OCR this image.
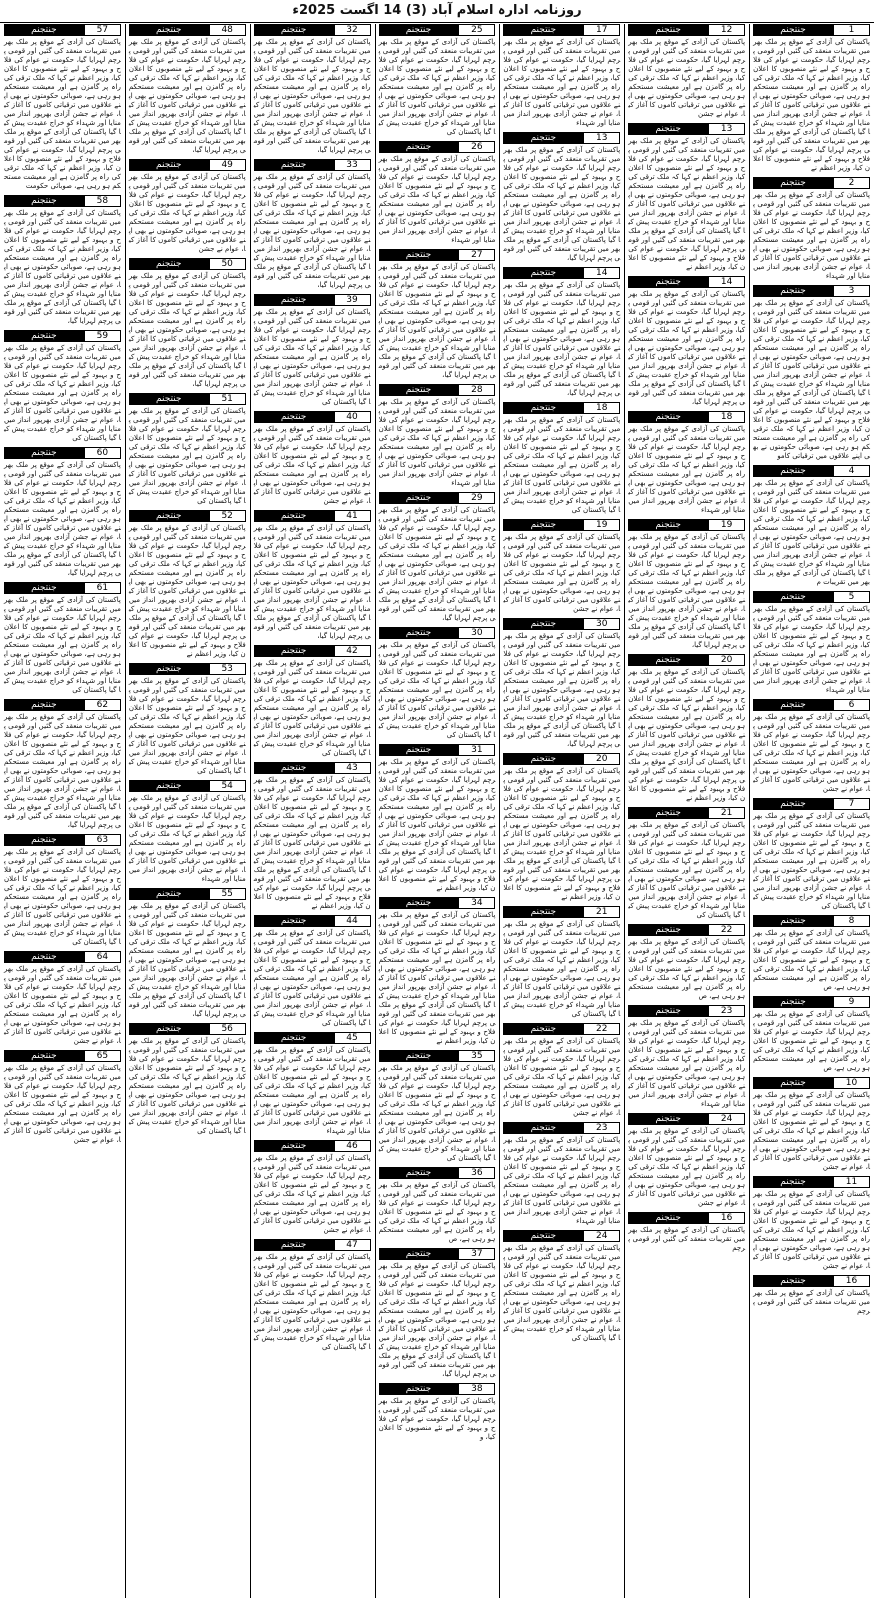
روزنامہ ادارہ اسلام آباد (3) 14 اگست 2025ء
جنتجنم	1
پاکستان کی آزادی کے موقع پر ملک بھر میں تقریبات منعقد کی گئیں اور قومی پرچم لہرایا گیا، حکومت نے عوام کی فلاح و بہبود کے لیے نئے منصوبوں کا اعلان کیا، وزیر اعظم نے کہا کہ ملک ترقی کی راہ پر گامزن ہے اور معیشت مستحکم ہو رہی ہے، صوبائی حکومتوں نے بھی اپنے علاقوں میں ترقیاتی کاموں کا آغاز کیا، عوام نے جشن آزادی بھرپور انداز میں منایا اور شہداء کو خراج عقیدت پیش کیا گیا پاکستان کی آزادی کے موقع پر ملک بھر میں تقریبات منعقد کی گئیں اور قومی پرچم لہرایا گیا، حکومت نے عوام کی فلاح و بہبود کے لیے نئے منصوبوں کا اعلان کیا، وزیر اعظم نے
جنتجنم	2
پاکستان کی آزادی کے موقع پر ملک بھر میں تقریبات منعقد کی گئیں اور قومی پرچم لہرایا گیا، حکومت نے عوام کی فلاح و بہبود کے لیے نئے منصوبوں کا اعلان کیا، وزیر اعظم نے کہا کہ ملک ترقی کی راہ پر گامزن ہے اور معیشت مستحکم ہو رہی ہے، صوبائی حکومتوں نے بھی اپنے علاقوں میں ترقیاتی کاموں کا آغاز کیا، عوام نے جشن آزادی بھرپور انداز میں منایا اور شہداء
جنتجنم	3
پاکستان کی آزادی کے موقع پر ملک بھر میں تقریبات منعقد کی گئیں اور قومی پرچم لہرایا گیا، حکومت نے عوام کی فلاح و بہبود کے لیے نئے منصوبوں کا اعلان کیا، وزیر اعظم نے کہا کہ ملک ترقی کی راہ پر گامزن ہے اور معیشت مستحکم ہو رہی ہے، صوبائی حکومتوں نے بھی اپنے علاقوں میں ترقیاتی کاموں کا آغاز کیا، عوام نے جشن آزادی بھرپور انداز میں منایا اور شہداء کو خراج عقیدت پیش کیا گیا پاکستان کی آزادی کے موقع پر ملک بھر میں تقریبات منعقد کی گئیں اور قومی پرچم لہرایا گیا، حکومت نے عوام کی فلاح و بہبود کے لیے نئے منصوبوں کا اعلان کیا، وزیر اعظم نے کہا کہ ملک ترقی کی راہ پر گامزن ہے اور معیشت مستحکم ہو رہی ہے، صوبائی حکومتوں نے بھی اپنے علاقوں میں ترقیاتی کامو
جنتجنم	4
پاکستان کی آزادی کے موقع پر ملک بھر میں تقریبات منعقد کی گئیں اور قومی پرچم لہرایا گیا، حکومت نے عوام کی فلاح و بہبود کے لیے نئے منصوبوں کا اعلان کیا، وزیر اعظم نے کہا کہ ملک ترقی کی راہ پر گامزن ہے اور معیشت مستحکم ہو رہی ہے، صوبائی حکومتوں نے بھی اپنے علاقوں میں ترقیاتی کاموں کا آغاز کیا، عوام نے جشن آزادی بھرپور انداز میں منایا اور شہداء کو خراج عقیدت پیش کیا گیا پاکستان کی آزادی کے موقع پر ملک بھر میں تقریبات م
جنتجنم	5
پاکستان کی آزادی کے موقع پر ملک بھر میں تقریبات منعقد کی گئیں اور قومی پرچم لہرایا گیا، حکومت نے عوام کی فلاح و بہبود کے لیے نئے منصوبوں کا اعلان کیا، وزیر اعظم نے کہا کہ ملک ترقی کی راہ پر گامزن ہے اور معیشت مستحکم ہو رہی ہے، صوبائی حکومتوں نے بھی اپنے علاقوں میں ترقیاتی کاموں کا آغاز کیا، عوام نے جشن آزادی بھرپور انداز میں منایا اور شہداء
جنتجنم	6
پاکستان کی آزادی کے موقع پر ملک بھر میں تقریبات منعقد کی گئیں اور قومی پرچم لہرایا گیا، حکومت نے عوام کی فلاح و بہبود کے لیے نئے منصوبوں کا اعلان کیا، وزیر اعظم نے کہا کہ ملک ترقی کی راہ پر گامزن ہے اور معیشت مستحکم ہو رہی ہے، صوبائی حکومتوں نے بھی اپنے علاقوں میں ترقیاتی کاموں کا آغاز کیا، عوام نے جشن
جنتجنم	7
پاکستان کی آزادی کے موقع پر ملک بھر میں تقریبات منعقد کی گئیں اور قومی پرچم لہرایا گیا، حکومت نے عوام کی فلاح و بہبود کے لیے نئے منصوبوں کا اعلان کیا، وزیر اعظم نے کہا کہ ملک ترقی کی راہ پر گامزن ہے اور معیشت مستحکم ہو رہی ہے، صوبائی حکومتوں نے بھی اپنے علاقوں میں ترقیاتی کاموں کا آغاز کیا، عوام نے جشن آزادی بھرپور انداز میں منایا اور شہداء کو خراج عقیدت پیش کیا گیا پاکستان کی
جنتجنم	8
پاکستان کی آزادی کے موقع پر ملک بھر میں تقریبات منعقد کی گئیں اور قومی پرچم لہرایا گیا، حکومت نے عوام کی فلاح و بہبود کے لیے نئے منصوبوں کا اعلان کیا، وزیر اعظم نے کہا کہ ملک ترقی کی راہ پر گامزن ہے اور معیشت مستحکم ہو رہی ہے، ص
جنتجنم	9
پاکستان کی آزادی کے موقع پر ملک بھر میں تقریبات منعقد کی گئیں اور قومی پرچم لہرایا گیا، حکومت نے عوام کی فلاح و بہبود کے لیے نئے منصوبوں کا اعلان کیا، وزیر اعظم نے کہا کہ ملک ترقی کی راہ پر گامزن ہے اور معیشت مستحکم ہو رہی ہے، ص
جنتجنم	10
پاکستان کی آزادی کے موقع پر ملک بھر میں تقریبات منعقد کی گئیں اور قومی پرچم لہرایا گیا، حکومت نے عوام کی فلاح و بہبود کے لیے نئے منصوبوں کا اعلان کیا، وزیر اعظم نے کہا کہ ملک ترقی کی راہ پر گامزن ہے اور معیشت مستحکم ہو رہی ہے، صوبائی حکومتوں نے بھی اپنے علاقوں میں ترقیاتی کاموں کا آغاز کیا، عوام نے جشن
جنتجنم	11
پاکستان کی آزادی کے موقع پر ملک بھر میں تقریبات منعقد کی گئیں اور قومی پرچم لہرایا گیا، حکومت نے عوام کی فلاح و بہبود کے لیے نئے منصوبوں کا اعلان کیا، وزیر اعظم نے کہا کہ ملک ترقی کی راہ پر گامزن ہے اور معیشت مستحکم ہو رہی ہے، صوبائی حکومتوں نے بھی اپنے علاقوں میں ترقیاتی کاموں کا آغاز کیا، عوام نے جشن
جنتجنم	16
پاکستان کی آزادی کے موقع پر ملک بھر میں تقریبات منعقد کی گئیں اور قومی پرچم
جنتجنم	12
پاکستان کی آزادی کے موقع پر ملک بھر میں تقریبات منعقد کی گئیں اور قومی پرچم لہرایا گیا، حکومت نے عوام کی فلاح و بہبود کے لیے نئے منصوبوں کا اعلان کیا، وزیر اعظم نے کہا کہ ملک ترقی کی راہ پر گامزن ہے اور معیشت مستحکم ہو رہی ہے، صوبائی حکومتوں نے بھی اپنے علاقوں میں ترقیاتی کاموں کا آغاز کیا، عوام نے جشن
جنتجنم	13
پاکستان کی آزادی کے موقع پر ملک بھر میں تقریبات منعقد کی گئیں اور قومی پرچم لہرایا گیا، حکومت نے عوام کی فلاح و بہبود کے لیے نئے منصوبوں کا اعلان کیا، وزیر اعظم نے کہا کہ ملک ترقی کی راہ پر گامزن ہے اور معیشت مستحکم ہو رہی ہے، صوبائی حکومتوں نے بھی اپنے علاقوں میں ترقیاتی کاموں کا آغاز کیا، عوام نے جشن آزادی بھرپور انداز میں منایا اور شہداء کو خراج عقیدت پیش کیا گیا پاکستان کی آزادی کے موقع پر ملک بھر میں تقریبات منعقد کی گئیں اور قومی پرچم لہرایا گیا، حکومت نے عوام کی فلاح و بہبود کے لیے نئے منصوبوں کا اعلان کیا، وزیر اعظم نے
جنتجنم	14
پاکستان کی آزادی کے موقع پر ملک بھر میں تقریبات منعقد کی گئیں اور قومی پرچم لہرایا گیا، حکومت نے عوام کی فلاح و بہبود کے لیے نئے منصوبوں کا اعلان کیا، وزیر اعظم نے کہا کہ ملک ترقی کی راہ پر گامزن ہے اور معیشت مستحکم ہو رہی ہے، صوبائی حکومتوں نے بھی اپنے علاقوں میں ترقیاتی کاموں کا آغاز کیا، عوام نے جشن آزادی بھرپور انداز میں منایا اور شہداء کو خراج عقیدت پیش کیا گیا پاکستان کی آزادی کے موقع پر ملک بھر میں تقریبات منعقد کی گئیں اور قومی پرچم لہرایا گیا،
جنتجنم	18
پاکستان کی آزادی کے موقع پر ملک بھر میں تقریبات منعقد کی گئیں اور قومی پرچم لہرایا گیا، حکومت نے عوام کی فلاح و بہبود کے لیے نئے منصوبوں کا اعلان کیا، وزیر اعظم نے کہا کہ ملک ترقی کی راہ پر گامزن ہے اور معیشت مستحکم ہو رہی ہے، صوبائی حکومتوں نے بھی اپنے علاقوں میں ترقیاتی کاموں کا آغاز کیا، عوام نے جشن آزادی بھرپور انداز میں منایا اور شہداء
جنتجنم	19
پاکستان کی آزادی کے موقع پر ملک بھر میں تقریبات منعقد کی گئیں اور قومی پرچم لہرایا گیا، حکومت نے عوام کی فلاح و بہبود کے لیے نئے منصوبوں کا اعلان کیا، وزیر اعظم نے کہا کہ ملک ترقی کی راہ پر گامزن ہے اور معیشت مستحکم ہو رہی ہے، صوبائی حکومتوں نے بھی اپنے علاقوں میں ترقیاتی کاموں کا آغاز کیا، عوام نے جشن آزادی بھرپور انداز میں منایا اور شہداء کو خراج عقیدت پیش کیا گیا پاکستان کی آزادی کے موقع پر ملک بھر میں تقریبات منعقد کی گئیں اور قومی پرچم لہرایا گیا،
جنتجنم	20
پاکستان کی آزادی کے موقع پر ملک بھر میں تقریبات منعقد کی گئیں اور قومی پرچم لہرایا گیا، حکومت نے عوام کی فلاح و بہبود کے لیے نئے منصوبوں کا اعلان کیا، وزیر اعظم نے کہا کہ ملک ترقی کی راہ پر گامزن ہے اور معیشت مستحکم ہو رہی ہے، صوبائی حکومتوں نے بھی اپنے علاقوں میں ترقیاتی کاموں کا آغاز کیا، عوام نے جشن آزادی بھرپور انداز میں منایا اور شہداء کو خراج عقیدت پیش کیا گیا پاکستان کی آزادی کے موقع پر ملک بھر میں تقریبات منعقد کی گئیں اور قومی پرچم لہرایا گیا، حکومت نے عوام کی فلاح و بہبود کے لیے نئے منصوبوں کا اعلان کیا، وزیر اعظم نے
جنتجنم	21
پاکستان کی آزادی کے موقع پر ملک بھر میں تقریبات منعقد کی گئیں اور قومی پرچم لہرایا گیا، حکومت نے عوام کی فلاح و بہبود کے لیے نئے منصوبوں کا اعلان کیا، وزیر اعظم نے کہا کہ ملک ترقی کی راہ پر گامزن ہے اور معیشت مستحکم ہو رہی ہے، صوبائی حکومتوں نے بھی اپنے علاقوں میں ترقیاتی کاموں کا آغاز کیا، عوام نے جشن آزادی بھرپور انداز میں منایا اور شہداء کو خراج عقیدت پیش کیا گیا پاکستان کی
جنتجنم	22
پاکستان کی آزادی کے موقع پر ملک بھر میں تقریبات منعقد کی گئیں اور قومی پرچم لہرایا گیا، حکومت نے عوام کی فلاح و بہبود کے لیے نئے منصوبوں کا اعلان کیا، وزیر اعظم نے کہا کہ ملک ترقی کی راہ پر گامزن ہے اور معیشت مستحکم ہو رہی ہے، ص
جنتجنم	23
پاکستان کی آزادی کے موقع پر ملک بھر میں تقریبات منعقد کی گئیں اور قومی پرچم لہرایا گیا، حکومت نے عوام کی فلاح و بہبود کے لیے نئے منصوبوں کا اعلان کیا، وزیر اعظم نے کہا کہ ملک ترقی کی راہ پر گامزن ہے اور معیشت مستحکم ہو رہی ہے، صوبائی حکومتوں نے بھی اپنے علاقوں میں ترقیاتی کاموں کا آغاز کیا، عوام نے جشن آزادی بھرپور انداز میں منایا اور شہداء
جنتجنم	24
پاکستان کی آزادی کے موقع پر ملک بھر میں تقریبات منعقد کی گئیں اور قومی پرچم لہرایا گیا، حکومت نے عوام کی فلاح و بہبود کے لیے نئے منصوبوں کا اعلان کیا، وزیر اعظم نے کہا کہ ملک ترقی کی راہ پر گامزن ہے اور معیشت مستحکم ہو رہی ہے، صوبائی حکومتوں نے بھی اپنے علاقوں میں ترقیاتی کاموں کا آغاز کیا، عوام نے جشن
جنتجنم	16
پاکستان کی آزادی کے موقع پر ملک بھر میں تقریبات منعقد کی گئیں اور قومی پرچم
جنتجنم	17
پاکستان کی آزادی کے موقع پر ملک بھر میں تقریبات منعقد کی گئیں اور قومی پرچم لہرایا گیا، حکومت نے عوام کی فلاح و بہبود کے لیے نئے منصوبوں کا اعلان کیا، وزیر اعظم نے کہا کہ ملک ترقی کی راہ پر گامزن ہے اور معیشت مستحکم ہو رہی ہے، صوبائی حکومتوں نے بھی اپنے علاقوں میں ترقیاتی کاموں کا آغاز کیا، عوام نے جشن آزادی بھرپور انداز میں منایا اور شہداء
جنتجنم	13
پاکستان کی آزادی کے موقع پر ملک بھر میں تقریبات منعقد کی گئیں اور قومی پرچم لہرایا گیا، حکومت نے عوام کی فلاح و بہبود کے لیے نئے منصوبوں کا اعلان کیا، وزیر اعظم نے کہا کہ ملک ترقی کی راہ پر گامزن ہے اور معیشت مستحکم ہو رہی ہے، صوبائی حکومتوں نے بھی اپنے علاقوں میں ترقیاتی کاموں کا آغاز کیا، عوام نے جشن آزادی بھرپور انداز میں منایا اور شہداء کو خراج عقیدت پیش کیا گیا پاکستان کی آزادی کے موقع پر ملک بھر میں تقریبات منعقد کی گئیں اور قومی پرچم لہرایا گیا،
جنتجنم	14
پاکستان کی آزادی کے موقع پر ملک بھر میں تقریبات منعقد کی گئیں اور قومی پرچم لہرایا گیا، حکومت نے عوام کی فلاح و بہبود کے لیے نئے منصوبوں کا اعلان کیا، وزیر اعظم نے کہا کہ ملک ترقی کی راہ پر گامزن ہے اور معیشت مستحکم ہو رہی ہے، صوبائی حکومتوں نے بھی اپنے علاقوں میں ترقیاتی کاموں کا آغاز کیا، عوام نے جشن آزادی بھرپور انداز میں منایا اور شہداء کو خراج عقیدت پیش کیا گیا پاکستان کی آزادی کے موقع پر ملک بھر میں تقریبات منعقد کی گئیں اور قومی پرچم لہرایا گیا،
جنتجنم	18
پاکستان کی آزادی کے موقع پر ملک بھر میں تقریبات منعقد کی گئیں اور قومی پرچم لہرایا گیا، حکومت نے عوام کی فلاح و بہبود کے لیے نئے منصوبوں کا اعلان کیا، وزیر اعظم نے کہا کہ ملک ترقی کی راہ پر گامزن ہے اور معیشت مستحکم ہو رہی ہے، صوبائی حکومتوں نے بھی اپنے علاقوں میں ترقیاتی کاموں کا آغاز کیا، عوام نے جشن آزادی بھرپور انداز میں منایا اور شہداء کو خراج عقیدت پیش کیا گیا پاکستان کی
جنتجنم	19
پاکستان کی آزادی کے موقع پر ملک بھر میں تقریبات منعقد کی گئیں اور قومی پرچم لہرایا گیا، حکومت نے عوام کی فلاح و بہبود کے لیے نئے منصوبوں کا اعلان کیا، وزیر اعظم نے کہا کہ ملک ترقی کی راہ پر گامزن ہے اور معیشت مستحکم ہو رہی ہے، صوبائی حکومتوں نے بھی اپنے علاقوں میں ترقیاتی کاموں کا آغاز کیا، عوام نے جشن
جنتجنم	30
پاکستان کی آزادی کے موقع پر ملک بھر میں تقریبات منعقد کی گئیں اور قومی پرچم لہرایا گیا، حکومت نے عوام کی فلاح و بہبود کے لیے نئے منصوبوں کا اعلان کیا، وزیر اعظم نے کہا کہ ملک ترقی کی راہ پر گامزن ہے اور معیشت مستحکم ہو رہی ہے، صوبائی حکومتوں نے بھی اپنے علاقوں میں ترقیاتی کاموں کا آغاز کیا، عوام نے جشن آزادی بھرپور انداز میں منایا اور شہداء کو خراج عقیدت پیش کیا گیا پاکستان کی آزادی کے موقع پر ملک بھر میں تقریبات منعقد کی گئیں اور قومی پرچم لہرایا گیا،
جنتجنم	20
پاکستان کی آزادی کے موقع پر ملک بھر میں تقریبات منعقد کی گئیں اور قومی پرچم لہرایا گیا، حکومت نے عوام کی فلاح و بہبود کے لیے نئے منصوبوں کا اعلان کیا، وزیر اعظم نے کہا کہ ملک ترقی کی راہ پر گامزن ہے اور معیشت مستحکم ہو رہی ہے، صوبائی حکومتوں نے بھی اپنے علاقوں میں ترقیاتی کاموں کا آغاز کیا، عوام نے جشن آزادی بھرپور انداز میں منایا اور شہداء کو خراج عقیدت پیش کیا گیا پاکستان کی آزادی کے موقع پر ملک بھر میں تقریبات منعقد کی گئیں اور قومی پرچم لہرایا گیا، حکومت نے عوام کی فلاح و بہبود کے لیے نئے منصوبوں کا اعلان کیا، وزیر اعظم نے
جنتجنم	21
پاکستان کی آزادی کے موقع پر ملک بھر میں تقریبات منعقد کی گئیں اور قومی پرچم لہرایا گیا، حکومت نے عوام کی فلاح و بہبود کے لیے نئے منصوبوں کا اعلان کیا، وزیر اعظم نے کہا کہ ملک ترقی کی راہ پر گامزن ہے اور معیشت مستحکم ہو رہی ہے، صوبائی حکومتوں نے بھی اپنے علاقوں میں ترقیاتی کاموں کا آغاز کیا، عوام نے جشن آزادی بھرپور انداز میں منایا اور شہداء کو خراج عقیدت پیش کیا گیا پاکستان کی
جنتجنم	22
پاکستان کی آزادی کے موقع پر ملک بھر میں تقریبات منعقد کی گئیں اور قومی پرچم لہرایا گیا، حکومت نے عوام کی فلاح و بہبود کے لیے نئے منصوبوں کا اعلان کیا، وزیر اعظم نے کہا کہ ملک ترقی کی راہ پر گامزن ہے اور معیشت مستحکم ہو رہی ہے، صوبائی حکومتوں نے بھی اپنے علاقوں میں ترقیاتی کاموں کا آغاز کیا، عوام نے جشن
جنتجنم	23
پاکستان کی آزادی کے موقع پر ملک بھر میں تقریبات منعقد کی گئیں اور قومی پرچم لہرایا گیا، حکومت نے عوام کی فلاح و بہبود کے لیے نئے منصوبوں کا اعلان کیا، وزیر اعظم نے کہا کہ ملک ترقی کی راہ پر گامزن ہے اور معیشت مستحکم ہو رہی ہے، صوبائی حکومتوں نے بھی اپنے علاقوں میں ترقیاتی کاموں کا آغاز کیا، عوام نے جشن آزادی بھرپور انداز میں منایا اور شہداء
جنتجنم	24
پاکستان کی آزادی کے موقع پر ملک بھر میں تقریبات منعقد کی گئیں اور قومی پرچم لہرایا گیا، حکومت نے عوام کی فلاح و بہبود کے لیے نئے منصوبوں کا اعلان کیا، وزیر اعظم نے کہا کہ ملک ترقی کی راہ پر گامزن ہے اور معیشت مستحکم ہو رہی ہے، صوبائی حکومتوں نے بھی اپنے علاقوں میں ترقیاتی کاموں کا آغاز کیا، عوام نے جشن آزادی بھرپور انداز میں منایا اور شہداء کو خراج عقیدت پیش کیا گیا پاکستان کی
جنتجنم	25
پاکستان کی آزادی کے موقع پر ملک بھر میں تقریبات منعقد کی گئیں اور قومی پرچم لہرایا گیا، حکومت نے عوام کی فلاح و بہبود کے لیے نئے منصوبوں کا اعلان کیا، وزیر اعظم نے کہا کہ ملک ترقی کی راہ پر گامزن ہے اور معیشت مستحکم ہو رہی ہے، صوبائی حکومتوں نے بھی اپنے علاقوں میں ترقیاتی کاموں کا آغاز کیا، عوام نے جشن آزادی بھرپور انداز میں منایا اور شہداء کو خراج عقیدت پیش کیا گیا پاکستان کی
جنتجنم	26
پاکستان کی آزادی کے موقع پر ملک بھر میں تقریبات منعقد کی گئیں اور قومی پرچم لہرایا گیا، حکومت نے عوام کی فلاح و بہبود کے لیے نئے منصوبوں کا اعلان کیا، وزیر اعظم نے کہا کہ ملک ترقی کی راہ پر گامزن ہے اور معیشت مستحکم ہو رہی ہے، صوبائی حکومتوں نے بھی اپنے علاقوں میں ترقیاتی کاموں کا آغاز کیا، عوام نے جشن آزادی بھرپور انداز میں منایا اور شہداء
جنتجنم	27
پاکستان کی آزادی کے موقع پر ملک بھر میں تقریبات منعقد کی گئیں اور قومی پرچم لہرایا گیا، حکومت نے عوام کی فلاح و بہبود کے لیے نئے منصوبوں کا اعلان کیا، وزیر اعظم نے کہا کہ ملک ترقی کی راہ پر گامزن ہے اور معیشت مستحکم ہو رہی ہے، صوبائی حکومتوں نے بھی اپنے علاقوں میں ترقیاتی کاموں کا آغاز کیا، عوام نے جشن آزادی بھرپور انداز میں منایا اور شہداء کو خراج عقیدت پیش کیا گیا پاکستان کی آزادی کے موقع پر ملک بھر میں تقریبات منعقد کی گئیں اور قومی پرچم لہرایا گیا،
جنتجنم	28
پاکستان کی آزادی کے موقع پر ملک بھر میں تقریبات منعقد کی گئیں اور قومی پرچم لہرایا گیا، حکومت نے عوام کی فلاح و بہبود کے لیے نئے منصوبوں کا اعلان کیا، وزیر اعظم نے کہا کہ ملک ترقی کی راہ پر گامزن ہے اور معیشت مستحکم ہو رہی ہے، صوبائی حکومتوں نے بھی اپنے علاقوں میں ترقیاتی کاموں کا آغاز کیا، عوام نے جشن آزادی بھرپور انداز میں منایا اور شہداء
جنتجنم	29
پاکستان کی آزادی کے موقع پر ملک بھر میں تقریبات منعقد کی گئیں اور قومی پرچم لہرایا گیا، حکومت نے عوام کی فلاح و بہبود کے لیے نئے منصوبوں کا اعلان کیا، وزیر اعظم نے کہا کہ ملک ترقی کی راہ پر گامزن ہے اور معیشت مستحکم ہو رہی ہے، صوبائی حکومتوں نے بھی اپنے علاقوں میں ترقیاتی کاموں کا آغاز کیا، عوام نے جشن آزادی بھرپور انداز میں منایا اور شہداء کو خراج عقیدت پیش کیا گیا پاکستان کی آزادی کے موقع پر ملک بھر میں تقریبات منعقد کی گئیں اور قومی پرچم لہرایا گیا،
جنتجنم	30
پاکستان کی آزادی کے موقع پر ملک بھر میں تقریبات منعقد کی گئیں اور قومی پرچم لہرایا گیا، حکومت نے عوام کی فلاح و بہبود کے لیے نئے منصوبوں کا اعلان کیا، وزیر اعظم نے کہا کہ ملک ترقی کی راہ پر گامزن ہے اور معیشت مستحکم ہو رہی ہے، صوبائی حکومتوں نے بھی اپنے علاقوں میں ترقیاتی کاموں کا آغاز کیا، عوام نے جشن آزادی بھرپور انداز میں منایا اور شہداء کو خراج عقیدت پیش کیا گیا پاکستان کی
جنتجنم	31
پاکستان کی آزادی کے موقع پر ملک بھر میں تقریبات منعقد کی گئیں اور قومی پرچم لہرایا گیا، حکومت نے عوام کی فلاح و بہبود کے لیے نئے منصوبوں کا اعلان کیا، وزیر اعظم نے کہا کہ ملک ترقی کی راہ پر گامزن ہے اور معیشت مستحکم ہو رہی ہے، صوبائی حکومتوں نے بھی اپنے علاقوں میں ترقیاتی کاموں کا آغاز کیا، عوام نے جشن آزادی بھرپور انداز میں منایا اور شہداء کو خراج عقیدت پیش کیا گیا پاکستان کی آزادی کے موقع پر ملک بھر میں تقریبات منعقد کی گئیں اور قومی پرچم لہرایا گیا، حکومت نے عوام کی فلاح و بہبود کے لیے نئے منصوبوں کا اعلان کیا، وزیر اعظم نے
جنتجنم	34
پاکستان کی آزادی کے موقع پر ملک بھر میں تقریبات منعقد کی گئیں اور قومی پرچم لہرایا گیا، حکومت نے عوام کی فلاح و بہبود کے لیے نئے منصوبوں کا اعلان کیا، وزیر اعظم نے کہا کہ ملک ترقی کی راہ پر گامزن ہے اور معیشت مستحکم ہو رہی ہے، صوبائی حکومتوں نے بھی اپنے علاقوں میں ترقیاتی کاموں کا آغاز کیا، عوام نے جشن آزادی بھرپور انداز میں منایا اور شہداء کو خراج عقیدت پیش کیا گیا پاکستان کی آزادی کے موقع پر ملک بھر میں تقریبات منعقد کی گئیں اور قومی پرچم لہرایا گیا، حکومت نے عوام کی فلاح و بہبود کے لیے نئے منصوبوں کا اعلان کیا، وزیر اعظم نے
جنتجنم	35
پاکستان کی آزادی کے موقع پر ملک بھر میں تقریبات منعقد کی گئیں اور قومی پرچم لہرایا گیا، حکومت نے عوام کی فلاح و بہبود کے لیے نئے منصوبوں کا اعلان کیا، وزیر اعظم نے کہا کہ ملک ترقی کی راہ پر گامزن ہے اور معیشت مستحکم ہو رہی ہے، صوبائی حکومتوں نے بھی اپنے علاقوں میں ترقیاتی کاموں کا آغاز کیا، عوام نے جشن آزادی بھرپور انداز میں منایا اور شہداء کو خراج عقیدت پیش کیا گیا پاکستان کی
جنتجنم	36
پاکستان کی آزادی کے موقع پر ملک بھر میں تقریبات منعقد کی گئیں اور قومی پرچم لہرایا گیا، حکومت نے عوام کی فلاح و بہبود کے لیے نئے منصوبوں کا اعلان کیا، وزیر اعظم نے کہا کہ ملک ترقی کی راہ پر گامزن ہے اور معیشت مستحکم ہو رہی ہے، ص
جنتجنم	37
پاکستان کی آزادی کے موقع پر ملک بھر میں تقریبات منعقد کی گئیں اور قومی پرچم لہرایا گیا، حکومت نے عوام کی فلاح و بہبود کے لیے نئے منصوبوں کا اعلان کیا، وزیر اعظم نے کہا کہ ملک ترقی کی راہ پر گامزن ہے اور معیشت مستحکم ہو رہی ہے، صوبائی حکومتوں نے بھی اپنے علاقوں میں ترقیاتی کاموں کا آغاز کیا، عوام نے جشن آزادی بھرپور انداز میں منایا اور شہداء کو خراج عقیدت پیش کیا گیا پاکستان کی آزادی کے موقع پر ملک بھر میں تقریبات منعقد کی گئیں اور قومی پرچم لہرایا گیا،
جنتجنم	38
پاکستان کی آزادی کے موقع پر ملک بھر میں تقریبات منعقد کی گئیں اور قومی پرچم لہرایا گیا، حکومت نے عوام کی فلاح و بہبود کے لیے نئے منصوبوں کا اعلان کیا، و
جنتجنم	32
پاکستان کی آزادی کے موقع پر ملک بھر میں تقریبات منعقد کی گئیں اور قومی پرچم لہرایا گیا، حکومت نے عوام کی فلاح و بہبود کے لیے نئے منصوبوں کا اعلان کیا، وزیر اعظم نے کہا کہ ملک ترقی کی راہ پر گامزن ہے اور معیشت مستحکم ہو رہی ہے، صوبائی حکومتوں نے بھی اپنے علاقوں میں ترقیاتی کاموں کا آغاز کیا، عوام نے جشن آزادی بھرپور انداز میں منایا اور شہداء کو خراج عقیدت پیش کیا گیا پاکستان کی آزادی کے موقع پر ملک بھر میں تقریبات منعقد کی گئیں اور قومی پرچم لہرایا گیا،
جنتجنم	33
پاکستان کی آزادی کے موقع پر ملک بھر میں تقریبات منعقد کی گئیں اور قومی پرچم لہرایا گیا، حکومت نے عوام کی فلاح و بہبود کے لیے نئے منصوبوں کا اعلان کیا، وزیر اعظم نے کہا کہ ملک ترقی کی راہ پر گامزن ہے اور معیشت مستحکم ہو رہی ہے، صوبائی حکومتوں نے بھی اپنے علاقوں میں ترقیاتی کاموں کا آغاز کیا، عوام نے جشن آزادی بھرپور انداز میں منایا اور شہداء کو خراج عقیدت پیش کیا گیا پاکستان کی آزادی کے موقع پر ملک بھر میں تقریبات منعقد کی گئیں اور قومی پرچم لہرایا گیا،
جنتجنم	39
پاکستان کی آزادی کے موقع پر ملک بھر میں تقریبات منعقد کی گئیں اور قومی پرچم لہرایا گیا، حکومت نے عوام کی فلاح و بہبود کے لیے نئے منصوبوں کا اعلان کیا، وزیر اعظم نے کہا کہ ملک ترقی کی راہ پر گامزن ہے اور معیشت مستحکم ہو رہی ہے، صوبائی حکومتوں نے بھی اپنے علاقوں میں ترقیاتی کاموں کا آغاز کیا، عوام نے جشن آزادی بھرپور انداز میں منایا اور شہداء کو خراج عقیدت پیش کیا گیا پاکستان کی
جنتجنم	40
پاکستان کی آزادی کے موقع پر ملک بھر میں تقریبات منعقد کی گئیں اور قومی پرچم لہرایا گیا، حکومت نے عوام کی فلاح و بہبود کے لیے نئے منصوبوں کا اعلان کیا، وزیر اعظم نے کہا کہ ملک ترقی کی راہ پر گامزن ہے اور معیشت مستحکم ہو رہی ہے، صوبائی حکومتوں نے بھی اپنے علاقوں میں ترقیاتی کاموں کا آغاز کیا، عوام نے جشن
جنتجنم	41
پاکستان کی آزادی کے موقع پر ملک بھر میں تقریبات منعقد کی گئیں اور قومی پرچم لہرایا گیا، حکومت نے عوام کی فلاح و بہبود کے لیے نئے منصوبوں کا اعلان کیا، وزیر اعظم نے کہا کہ ملک ترقی کی راہ پر گامزن ہے اور معیشت مستحکم ہو رہی ہے، صوبائی حکومتوں نے بھی اپنے علاقوں میں ترقیاتی کاموں کا آغاز کیا، عوام نے جشن آزادی بھرپور انداز میں منایا اور شہداء کو خراج عقیدت پیش کیا گیا پاکستان کی آزادی کے موقع پر ملک بھر میں تقریبات منعقد کی گئیں اور قومی پرچم لہرایا گیا،
جنتجنم	42
پاکستان کی آزادی کے موقع پر ملک بھر میں تقریبات منعقد کی گئیں اور قومی پرچم لہرایا گیا، حکومت نے عوام کی فلاح و بہبود کے لیے نئے منصوبوں کا اعلان کیا، وزیر اعظم نے کہا کہ ملک ترقی کی راہ پر گامزن ہے اور معیشت مستحکم ہو رہی ہے، صوبائی حکومتوں نے بھی اپنے علاقوں میں ترقیاتی کاموں کا آغاز کیا، عوام نے جشن آزادی بھرپور انداز میں منایا اور شہداء کو خراج عقیدت پیش کیا گیا پاکستان کی
جنتجنم	43
پاکستان کی آزادی کے موقع پر ملک بھر میں تقریبات منعقد کی گئیں اور قومی پرچم لہرایا گیا، حکومت نے عوام کی فلاح و بہبود کے لیے نئے منصوبوں کا اعلان کیا، وزیر اعظم نے کہا کہ ملک ترقی کی راہ پر گامزن ہے اور معیشت مستحکم ہو رہی ہے، صوبائی حکومتوں نے بھی اپنے علاقوں میں ترقیاتی کاموں کا آغاز کیا، عوام نے جشن آزادی بھرپور انداز میں منایا اور شہداء کو خراج عقیدت پیش کیا گیا پاکستان کی آزادی کے موقع پر ملک بھر میں تقریبات منعقد کی گئیں اور قومی پرچم لہرایا گیا، حکومت نے عوام کی فلاح و بہبود کے لیے نئے منصوبوں کا اعلان کیا، وزیر اعظم نے
جنتجنم	44
پاکستان کی آزادی کے موقع پر ملک بھر میں تقریبات منعقد کی گئیں اور قومی پرچم لہرایا گیا، حکومت نے عوام کی فلاح و بہبود کے لیے نئے منصوبوں کا اعلان کیا، وزیر اعظم نے کہا کہ ملک ترقی کی راہ پر گامزن ہے اور معیشت مستحکم ہو رہی ہے، صوبائی حکومتوں نے بھی اپنے علاقوں میں ترقیاتی کاموں کا آغاز کیا، عوام نے جشن آزادی بھرپور انداز میں منایا اور شہداء کو خراج عقیدت پیش کیا گیا پاکستان کی
جنتجنم	45
پاکستان کی آزادی کے موقع پر ملک بھر میں تقریبات منعقد کی گئیں اور قومی پرچم لہرایا گیا، حکومت نے عوام کی فلاح و بہبود کے لیے نئے منصوبوں کا اعلان کیا، وزیر اعظم نے کہا کہ ملک ترقی کی راہ پر گامزن ہے اور معیشت مستحکم ہو رہی ہے، صوبائی حکومتوں نے بھی اپنے علاقوں میں ترقیاتی کاموں کا آغاز کیا، عوام نے جشن آزادی بھرپور انداز میں منایا اور شہداء
جنتجنم	46
پاکستان کی آزادی کے موقع پر ملک بھر میں تقریبات منعقد کی گئیں اور قومی پرچم لہرایا گیا، حکومت نے عوام کی فلاح و بہبود کے لیے نئے منصوبوں کا اعلان کیا، وزیر اعظم نے کہا کہ ملک ترقی کی راہ پر گامزن ہے اور معیشت مستحکم ہو رہی ہے، صوبائی حکومتوں نے بھی اپنے علاقوں میں ترقیاتی کاموں کا آغاز کیا، عوام نے جشن
جنتجنم	47
پاکستان کی آزادی کے موقع پر ملک بھر میں تقریبات منعقد کی گئیں اور قومی پرچم لہرایا گیا، حکومت نے عوام کی فلاح و بہبود کے لیے نئے منصوبوں کا اعلان کیا، وزیر اعظم نے کہا کہ ملک ترقی کی راہ پر گامزن ہے اور معیشت مستحکم ہو رہی ہے، صوبائی حکومتوں نے بھی اپنے علاقوں میں ترقیاتی کاموں کا آغاز کیا، عوام نے جشن آزادی بھرپور انداز میں منایا اور شہداء کو خراج عقیدت پیش کیا گیا پاکستان کی
جنتجنم	48
پاکستان کی آزادی کے موقع پر ملک بھر میں تقریبات منعقد کی گئیں اور قومی پرچم لہرایا گیا، حکومت نے عوام کی فلاح و بہبود کے لیے نئے منصوبوں کا اعلان کیا، وزیر اعظم نے کہا کہ ملک ترقی کی راہ پر گامزن ہے اور معیشت مستحکم ہو رہی ہے، صوبائی حکومتوں نے بھی اپنے علاقوں میں ترقیاتی کاموں کا آغاز کیا، عوام نے جشن آزادی بھرپور انداز میں منایا اور شہداء کو خراج عقیدت پیش کیا گیا پاکستان کی آزادی کے موقع پر ملک بھر میں تقریبات منعقد کی گئیں اور قومی پرچم لہرایا گیا،
جنتجنم	49
پاکستان کی آزادی کے موقع پر ملک بھر میں تقریبات منعقد کی گئیں اور قومی پرچم لہرایا گیا، حکومت نے عوام کی فلاح و بہبود کے لیے نئے منصوبوں کا اعلان کیا، وزیر اعظم نے کہا کہ ملک ترقی کی راہ پر گامزن ہے اور معیشت مستحکم ہو رہی ہے، صوبائی حکومتوں نے بھی اپنے علاقوں میں ترقیاتی کاموں کا آغاز کیا، عوام نے جشن
جنتجنم	50
پاکستان کی آزادی کے موقع پر ملک بھر میں تقریبات منعقد کی گئیں اور قومی پرچم لہرایا گیا، حکومت نے عوام کی فلاح و بہبود کے لیے نئے منصوبوں کا اعلان کیا، وزیر اعظم نے کہا کہ ملک ترقی کی راہ پر گامزن ہے اور معیشت مستحکم ہو رہی ہے، صوبائی حکومتوں نے بھی اپنے علاقوں میں ترقیاتی کاموں کا آغاز کیا، عوام نے جشن آزادی بھرپور انداز میں منایا اور شہداء کو خراج عقیدت پیش کیا گیا پاکستان کی آزادی کے موقع پر ملک بھر میں تقریبات منعقد کی گئیں اور قومی پرچم لہرایا گیا،
جنتجنم	51
پاکستان کی آزادی کے موقع پر ملک بھر میں تقریبات منعقد کی گئیں اور قومی پرچم لہرایا گیا، حکومت نے عوام کی فلاح و بہبود کے لیے نئے منصوبوں کا اعلان کیا، وزیر اعظم نے کہا کہ ملک ترقی کی راہ پر گامزن ہے اور معیشت مستحکم ہو رہی ہے، صوبائی حکومتوں نے بھی اپنے علاقوں میں ترقیاتی کاموں کا آغاز کیا، عوام نے جشن آزادی بھرپور انداز میں منایا اور شہداء کو خراج عقیدت پیش کیا گیا پاکستان کی
جنتجنم	52
پاکستان کی آزادی کے موقع پر ملک بھر میں تقریبات منعقد کی گئیں اور قومی پرچم لہرایا گیا، حکومت نے عوام کی فلاح و بہبود کے لیے نئے منصوبوں کا اعلان کیا، وزیر اعظم نے کہا کہ ملک ترقی کی راہ پر گامزن ہے اور معیشت مستحکم ہو رہی ہے، صوبائی حکومتوں نے بھی اپنے علاقوں میں ترقیاتی کاموں کا آغاز کیا، عوام نے جشن آزادی بھرپور انداز میں منایا اور شہداء کو خراج عقیدت پیش کیا گیا پاکستان کی آزادی کے موقع پر ملک بھر میں تقریبات منعقد کی گئیں اور قومی پرچم لہرایا گیا، حکومت نے عوام کی فلاح و بہبود کے لیے نئے منصوبوں کا اعلان کیا، وزیر اعظم نے
جنتجنم	53
پاکستان کی آزادی کے موقع پر ملک بھر میں تقریبات منعقد کی گئیں اور قومی پرچم لہرایا گیا، حکومت نے عوام کی فلاح و بہبود کے لیے نئے منصوبوں کا اعلان کیا، وزیر اعظم نے کہا کہ ملک ترقی کی راہ پر گامزن ہے اور معیشت مستحکم ہو رہی ہے، صوبائی حکومتوں نے بھی اپنے علاقوں میں ترقیاتی کاموں کا آغاز کیا، عوام نے جشن آزادی بھرپور انداز میں منایا اور شہداء کو خراج عقیدت پیش کیا گیا پاکستان کی
جنتجنم	54
پاکستان کی آزادی کے موقع پر ملک بھر میں تقریبات منعقد کی گئیں اور قومی پرچم لہرایا گیا، حکومت نے عوام کی فلاح و بہبود کے لیے نئے منصوبوں کا اعلان کیا، وزیر اعظم نے کہا کہ ملک ترقی کی راہ پر گامزن ہے اور معیشت مستحکم ہو رہی ہے، صوبائی حکومتوں نے بھی اپنے علاقوں میں ترقیاتی کاموں کا آغاز کیا، عوام نے جشن آزادی بھرپور انداز میں منایا اور شہداء
جنتجنم	55
پاکستان کی آزادی کے موقع پر ملک بھر میں تقریبات منعقد کی گئیں اور قومی پرچم لہرایا گیا، حکومت نے عوام کی فلاح و بہبود کے لیے نئے منصوبوں کا اعلان کیا، وزیر اعظم نے کہا کہ ملک ترقی کی راہ پر گامزن ہے اور معیشت مستحکم ہو رہی ہے، صوبائی حکومتوں نے بھی اپنے علاقوں میں ترقیاتی کاموں کا آغاز کیا، عوام نے جشن آزادی بھرپور انداز میں منایا اور شہداء کو خراج عقیدت پیش کیا گیا پاکستان کی آزادی کے موقع پر ملک بھر میں تقریبات منعقد کی گئیں اور قومی پرچم لہرایا گیا،
جنتجنم	56
پاکستان کی آزادی کے موقع پر ملک بھر میں تقریبات منعقد کی گئیں اور قومی پرچم لہرایا گیا، حکومت نے عوام کی فلاح و بہبود کے لیے نئے منصوبوں کا اعلان کیا، وزیر اعظم نے کہا کہ ملک ترقی کی راہ پر گامزن ہے اور معیشت مستحکم ہو رہی ہے، صوبائی حکومتوں نے بھی اپنے علاقوں میں ترقیاتی کاموں کا آغاز کیا، عوام نے جشن آزادی بھرپور انداز میں منایا اور شہداء کو خراج عقیدت پیش کیا گیا پاکستان کی
جنتجنم	57
پاکستان کی آزادی کے موقع پر ملک بھر میں تقریبات منعقد کی گئیں اور قومی پرچم لہرایا گیا، حکومت نے عوام کی فلاح و بہبود کے لیے نئے منصوبوں کا اعلان کیا، وزیر اعظم نے کہا کہ ملک ترقی کی راہ پر گامزن ہے اور معیشت مستحکم ہو رہی ہے، صوبائی حکومتوں نے بھی اپنے علاقوں میں ترقیاتی کاموں کا آغاز کیا، عوام نے جشن آزادی بھرپور انداز میں منایا اور شہداء کو خراج عقیدت پیش کیا گیا پاکستان کی آزادی کے موقع پر ملک بھر میں تقریبات منعقد کی گئیں اور قومی پرچم لہرایا گیا، حکومت نے عوام کی فلاح و بہبود کے لیے نئے منصوبوں کا اعلان کیا، وزیر اعظم نے کہا کہ ملک ترقی کی راہ پر گامزن ہے اور معیشت مستحکم ہو رہی ہے، صوبائی حکومت
جنتجنم	58
پاکستان کی آزادی کے موقع پر ملک بھر میں تقریبات منعقد کی گئیں اور قومی پرچم لہرایا گیا، حکومت نے عوام کی فلاح و بہبود کے لیے نئے منصوبوں کا اعلان کیا، وزیر اعظم نے کہا کہ ملک ترقی کی راہ پر گامزن ہے اور معیشت مستحکم ہو رہی ہے، صوبائی حکومتوں نے بھی اپنے علاقوں میں ترقیاتی کاموں کا آغاز کیا، عوام نے جشن آزادی بھرپور انداز میں منایا اور شہداء کو خراج عقیدت پیش کیا گیا پاکستان کی آزادی کے موقع پر ملک بھر میں تقریبات منعقد کی گئیں اور قومی پرچم لہرایا گیا،
جنتجنم	59
پاکستان کی آزادی کے موقع پر ملک بھر میں تقریبات منعقد کی گئیں اور قومی پرچم لہرایا گیا، حکومت نے عوام کی فلاح و بہبود کے لیے نئے منصوبوں کا اعلان کیا، وزیر اعظم نے کہا کہ ملک ترقی کی راہ پر گامزن ہے اور معیشت مستحکم ہو رہی ہے، صوبائی حکومتوں نے بھی اپنے علاقوں میں ترقیاتی کاموں کا آغاز کیا، عوام نے جشن آزادی بھرپور انداز میں منایا اور شہداء کو خراج عقیدت پیش کیا گیا پاکستان کی
جنتجنم	60
پاکستان کی آزادی کے موقع پر ملک بھر میں تقریبات منعقد کی گئیں اور قومی پرچم لہرایا گیا، حکومت نے عوام کی فلاح و بہبود کے لیے نئے منصوبوں کا اعلان کیا، وزیر اعظم نے کہا کہ ملک ترقی کی راہ پر گامزن ہے اور معیشت مستحکم ہو رہی ہے، صوبائی حکومتوں نے بھی اپنے علاقوں میں ترقیاتی کاموں کا آغاز کیا، عوام نے جشن آزادی بھرپور انداز میں منایا اور شہداء کو خراج عقیدت پیش کیا گیا پاکستان کی آزادی کے موقع پر ملک بھر میں تقریبات منعقد کی گئیں اور قومی پرچم لہرایا گیا،
جنتجنم	61
پاکستان کی آزادی کے موقع پر ملک بھر میں تقریبات منعقد کی گئیں اور قومی پرچم لہرایا گیا، حکومت نے عوام کی فلاح و بہبود کے لیے نئے منصوبوں کا اعلان کیا، وزیر اعظم نے کہا کہ ملک ترقی کی راہ پر گامزن ہے اور معیشت مستحکم ہو رہی ہے، صوبائی حکومتوں نے بھی اپنے علاقوں میں ترقیاتی کاموں کا آغاز کیا، عوام نے جشن آزادی بھرپور انداز میں منایا اور شہداء کو خراج عقیدت پیش کیا گیا پاکستان کی
جنتجنم	62
پاکستان کی آزادی کے موقع پر ملک بھر میں تقریبات منعقد کی گئیں اور قومی پرچم لہرایا گیا، حکومت نے عوام کی فلاح و بہبود کے لیے نئے منصوبوں کا اعلان کیا، وزیر اعظم نے کہا کہ ملک ترقی کی راہ پر گامزن ہے اور معیشت مستحکم ہو رہی ہے، صوبائی حکومتوں نے بھی اپنے علاقوں میں ترقیاتی کاموں کا آغاز کیا، عوام نے جشن آزادی بھرپور انداز میں منایا اور شہداء کو خراج عقیدت پیش کیا گیا پاکستان کی آزادی کے موقع پر ملک بھر میں تقریبات منعقد کی گئیں اور قومی پرچم لہرایا گیا،
جنتجنم	63
پاکستان کی آزادی کے موقع پر ملک بھر میں تقریبات منعقد کی گئیں اور قومی پرچم لہرایا گیا، حکومت نے عوام کی فلاح و بہبود کے لیے نئے منصوبوں کا اعلان کیا، وزیر اعظم نے کہا کہ ملک ترقی کی راہ پر گامزن ہے اور معیشت مستحکم ہو رہی ہے، صوبائی حکومتوں نے بھی اپنے علاقوں میں ترقیاتی کاموں کا آغاز کیا، عوام نے جشن آزادی بھرپور انداز میں منایا اور شہداء کو خراج عقیدت پیش کیا گیا پاکستان کی
جنتجنم	64
پاکستان کی آزادی کے موقع پر ملک بھر میں تقریبات منعقد کی گئیں اور قومی پرچم لہرایا گیا، حکومت نے عوام کی فلاح و بہبود کے لیے نئے منصوبوں کا اعلان کیا، وزیر اعظم نے کہا کہ ملک ترقی کی راہ پر گامزن ہے اور معیشت مستحکم ہو رہی ہے، صوبائی حکومتوں نے بھی اپنے علاقوں میں ترقیاتی کاموں کا آغاز کیا، عوام نے جشن
جنتجنم	65
پاکستان کی آزادی کے موقع پر ملک بھر میں تقریبات منعقد کی گئیں اور قومی پرچم لہرایا گیا، حکومت نے عوام کی فلاح و بہبود کے لیے نئے منصوبوں کا اعلان کیا، وزیر اعظم نے کہا کہ ملک ترقی کی راہ پر گامزن ہے اور معیشت مستحکم ہو رہی ہے، صوبائی حکومتوں نے بھی اپنے علاقوں میں ترقیاتی کاموں کا آغاز کیا، عوام نے جشن
